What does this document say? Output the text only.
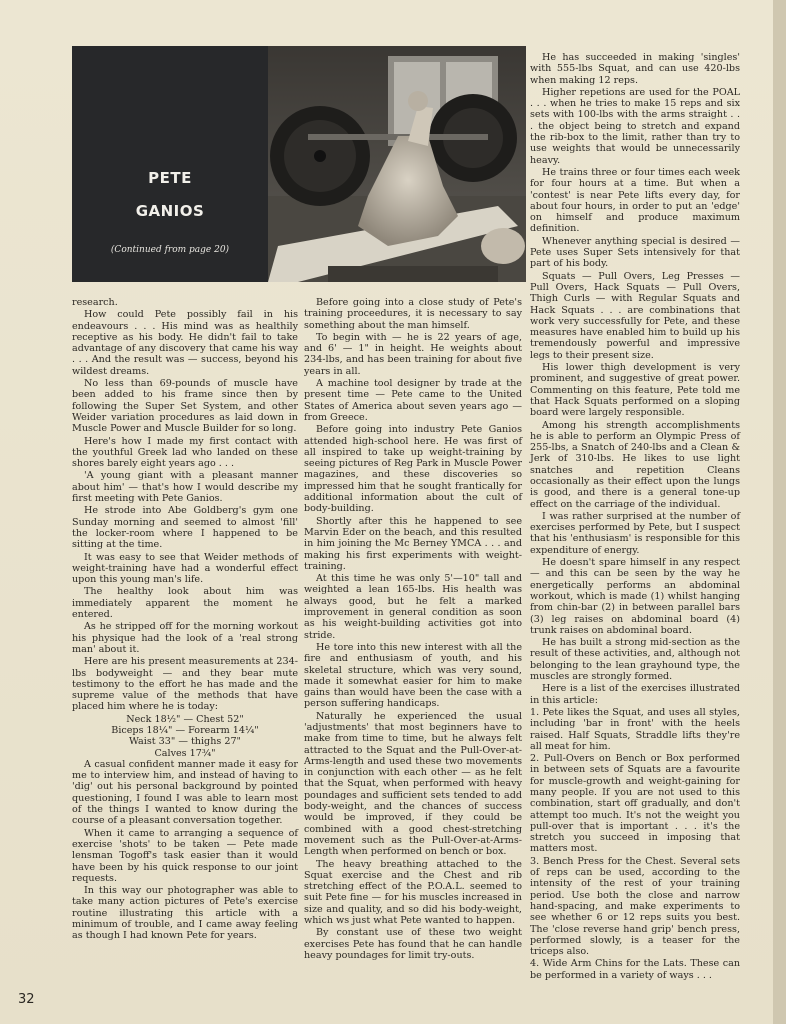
PETE
GANIOS
(Continued from page 20)

research.

How could Pete possibly fail in his endeavours . . . His mind was as healthily receptive as his body. He didn't fail to take advantage of any discovery that came his way . . . And the result was — success, beyond his wildest dreams.

No less than 69-pounds of muscle have been added to his frame since then by following the Super Set System, and other Weider variation procedures as laid down in Muscle Power and Muscle Builder for so long.

Here's how I made my first contact with the youthful Greek lad who landed on these shores barely eight years ago . . .

'A young giant with a pleasant manner about him' — that's how I would describe my first meeting with Pete Ganios.

He strode into Abe Goldberg's gym one Sunday morning and seemed to almost 'fill' the locker-room where I happened to be sitting at the time.

It was easy to see that Weider methods of weight-training have had a wonderful effect upon this young man's life.

The healthy look about him was immediately apparent the moment he entered.

As he stripped off for the morning workout his physique had the look of a 'real strong man' about it.

Here are his present measurements at 234-lbs bodyweight — and they bear mute testimony to the effort he has made and the supreme value of the methods that have placed him where he is today:

Neck 18½" — Chest 52"

Biceps 18¼" — Forearm 14¼"

Waist 33" — thighs 27"

Calves 17¾"

A casual confident manner made it easy for me to interview him, and instead of having to 'dig' out his personal background by pointed questioning, I found I was able to learn most of the things I wanted to know during the course of a pleasant conversation together.

When it came to arranging a sequence of exercise 'shots' to be taken — Pete made lensman Togoff's task easier than it would have been by his quick response to our joint requests.

In this way our photographer was able to take many action pictures of Pete's exercise routine illustrating this article with a minimum of trouble, and I came away feeling as though I had known Pete for years.

Before going into a close study of Pete's training proceedures, it is necessary to say something about the man himself.

To begin with — he is 22 years of age, and 6' — 1" in height. He weights about 234-lbs, and has been training for about five years in all.

A machine tool designer by trade at the present time — Pete came to the United States of America about seven years ago — from Greece.

Before going into industry Pete Ganios attended high-school here. He was first of all inspired to take up weight-training by seeing pictures of Reg Park in Muscle Power magazines, and these discoveries so impressed him that he sought frantically for additional information about the cult of body-building.

Shortly after this he happened to see Marvin Eder on the beach, and this resulted in him joining the Mc Berney YMCA . . . and making his first experiments with weight-training.

At this time he was only 5'—10" tall and weighted a lean 165-lbs. His health was always good, but he felt a marked improvement in general condition as soon as his weight-building activities got into stride.

He tore into this new interest with all the fire and enthusiasm of youth, and his skeletal structure, which was very sound, made it somewhat easier for him to make gains than would have been the case with a person suffering handicaps.

Naturally he experienced the usual 'adjustments' that most beginners have to make from time to time, but he always felt attracted to the Squat and the Pull-Over-at-Arms-length and used these two movements in conjunction with each other — as he felt that the Squat, when performed with heavy poundages and sufficient sets tended to add body-weight, and the chances of success would be improved, if they could be combined with a good chest-stretching movement such as the Pull-Over-at-Arms-Length when performed on bench or box.

The heavy breathing attached to the Squat exercise and the Chest and rib stretching effect of the P.O.A.L. seemed to suit Pete fine — for his muscles increased in size and quality, and so did his body-weight, which ws just what Pete wanted to happen.

By constant use of these two weight exercises Pete has found that he can handle heavy poundages for limit try-outs.

He has succeeded in making 'singles' with 555-lbs Squat, and can use 420-lbs when making 12 reps.

Higher repetions are used for the POAL . . . when he tries to make 15 reps and six sets with 100-lbs with the arms straight . . . the object being to stretch and expand the rib-box to the limit, rather than try to use weights that would be unnecessarily heavy.

He trains three or four times each week for four hours at a time. But when a 'contest' is near Pete lifts every day, for about four hours, in order to put an 'edge' on himself and produce maximum definition.

Whenever anything special is desired — Pete uses Super Sets intensively for that part of his body.

Squats — Pull Overs, Leg Presses — Pull Overs, Hack Squats — Pull Overs, Thigh Curls — with Regular Squats and Hack Squats . . . are combinations that work very successfully for Pete, and these measures have enabled him to build up his tremendously powerful and impressive legs to their present size.

His lower thigh development is very prominent, and suggestive of great power. Commenting on this feature, Pete told me that Hack Squats performed on a sloping board were largely responsible.

Among his strength accomplishments he is able to perform an Olympic Press of 255-lbs, a Snatch of 240-lbs and a Clean & Jerk of 310-lbs. He likes to use light snatches and repetition Cleans occasionally as their effect upon the lungs is good, and there is a general tone-up effect on the carriage of the individual.

I was rather surprised at the number of exercises performed by Pete, but I suspect that his 'enthusiasm' is responsible for this expenditure of energy.

He doesn't spare himself in any respect — and this can be seen by the way he energetically performs an abdominal workout, which is made (1) whilst hanging from chin-bar (2) in between parallel bars (3) leg raises on abdominal board (4) trunk raises on abdominal board.

He has built a strong mid-section as the result of these activities, and, although not belonging to the lean grayhound type, the muscles are strongly formed.

Here is a list of the exercises illustrated in this article:

1. Pete likes the Squat, and uses all styles, including 'bar in front' with the heels raised. Half Squats, Straddle lifts they're all meat for him.

2. Pull-Overs on Bench or Box performed in between sets of Squats are a favourite for muscle-growth and weight-gaining for many people. If you are not used to this combination, start off gradually, and don't attempt too much. It's not the weight you pull-over that is important . . . it's the stretch you succeed in imposing that matters most.

3. Bench Press for the Chest. Several sets of reps can be used, according to the intensity of the rest of your training period. Use both the close and narrow hand-spacing, and make experiments to see whether 6 or 12 reps suits you best. The 'close reverse hand grip' bench press, performed slowly, is a teaser for the triceps also.

4. Wide Arm Chins for the Lats. These can be performed in a variety of ways . . .

32
